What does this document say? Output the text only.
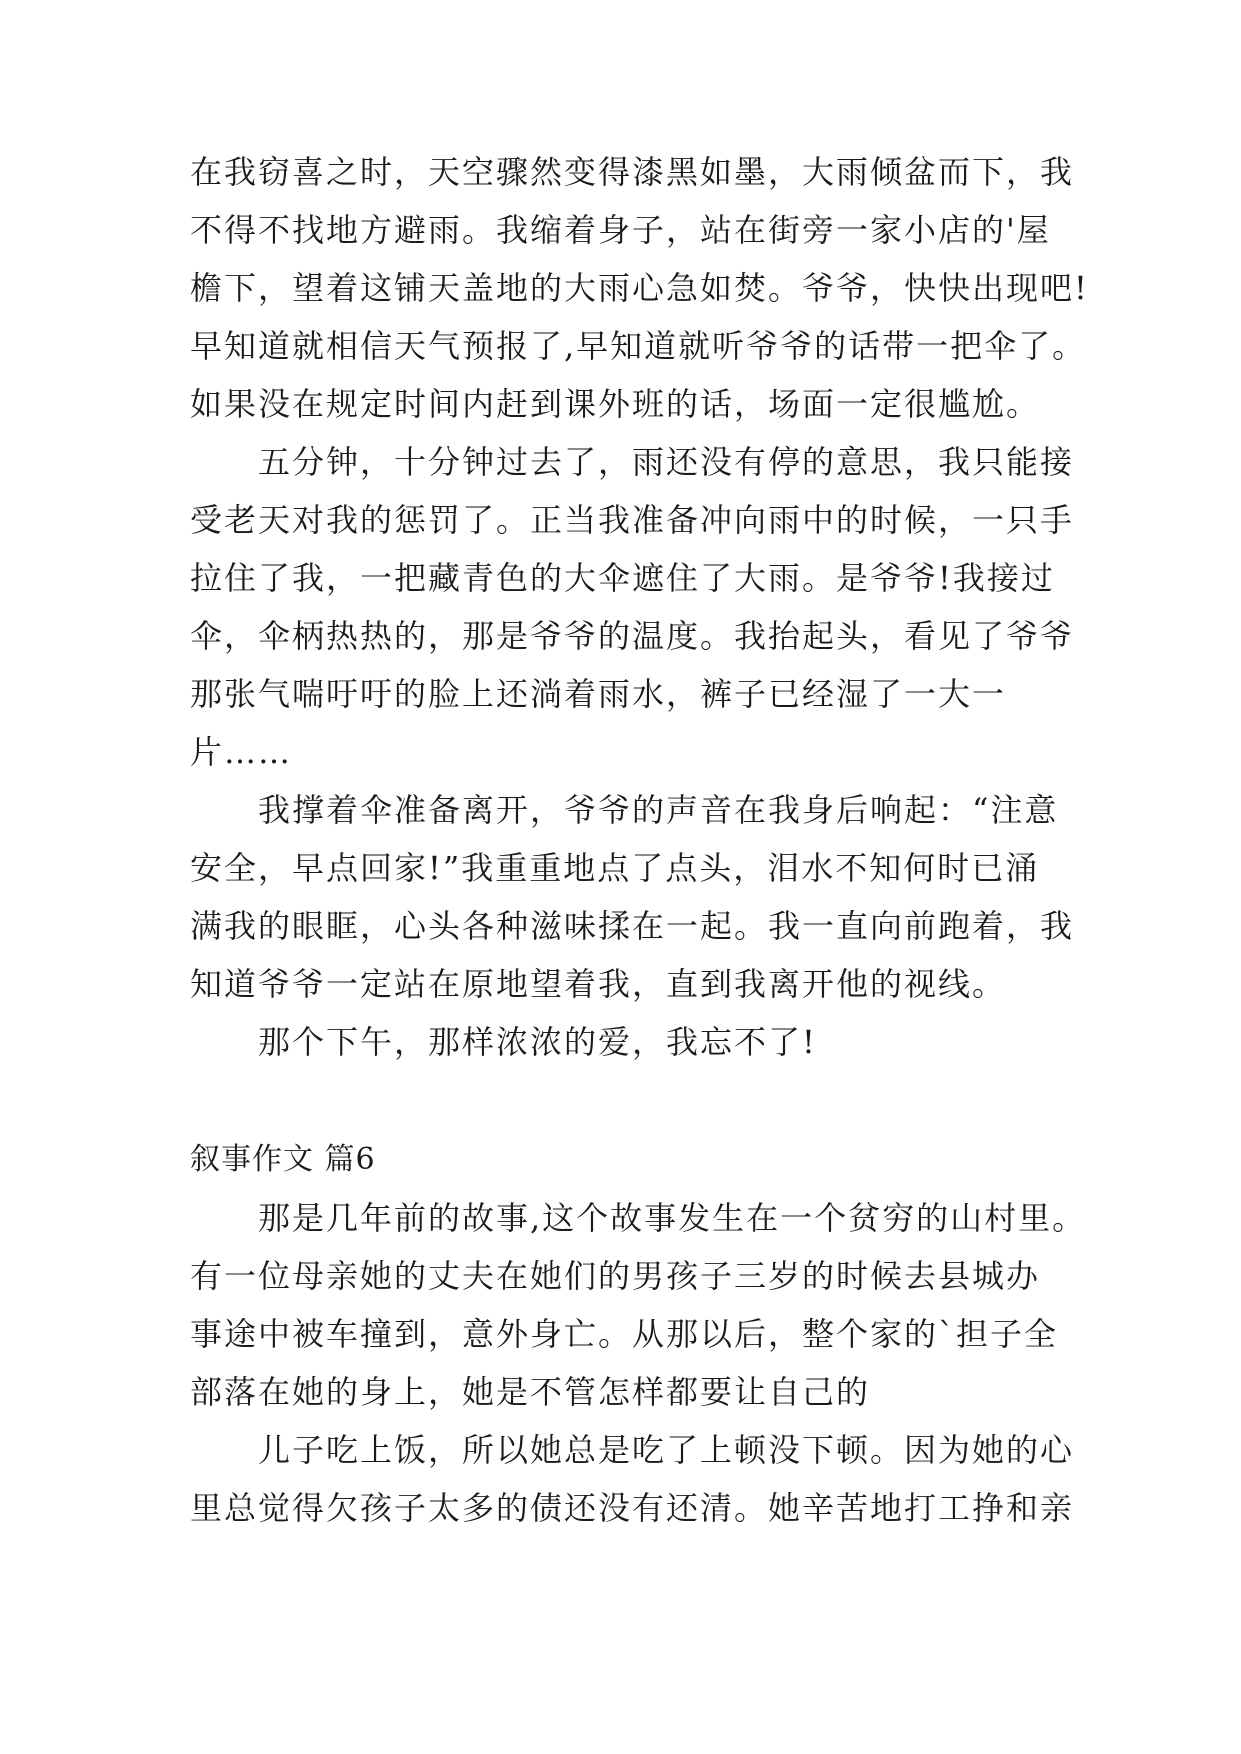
在我窃喜之时，天空骤然变得漆黑如墨，大雨倾盆而下，我
不得不找地方避雨。我缩着身子，站在街旁一家小店的'屋
檐下，望着这铺天盖地的大雨心急如焚。爷爷，快快出现吧!
早知道就相信天气预报了,早知道就听爷爷的话带一把伞了。
如果没在规定时间内赶到课外班的话，场面一定很尴尬。
　　五分钟，十分钟过去了，雨还没有停的意思，我只能接
受老天对我的惩罚了。正当我准备冲向雨中的时候，一只手
拉住了我，一把藏青色的大伞遮住了大雨。是爷爷!我接过
伞，伞柄热热的，那是爷爷的温度。我抬起头，看见了爷爷
那张气喘吁吁的脸上还淌着雨水，裤子已经湿了一大一
片……
　　我撑着伞准备离开，爷爷的声音在我身后响起：“注意
安全，早点回家!”我重重地点了点头，泪水不知何时已涌
满我的眼眶，心头各种滋味揉在一起。我一直向前跑着，我
知道爷爷一定站在原地望着我，直到我离开他的视线。
　　那个下午，那样浓浓的爱，我忘不了!
叙事作文 篇6
　　那是几年前的故事,这个故事发生在一个贫穷的山村里。
有一位母亲她的丈夫在她们的男孩子三岁的时候去县城办
事途中被车撞到，意外身亡。从那以后，整个家的`担子全
部落在她的身上，她是不管怎样都要让自己的
　　儿子吃上饭，所以她总是吃了上顿没下顿。因为她的心
里总觉得欠孩子太多的债还没有还清。她辛苦地打工挣和亲
